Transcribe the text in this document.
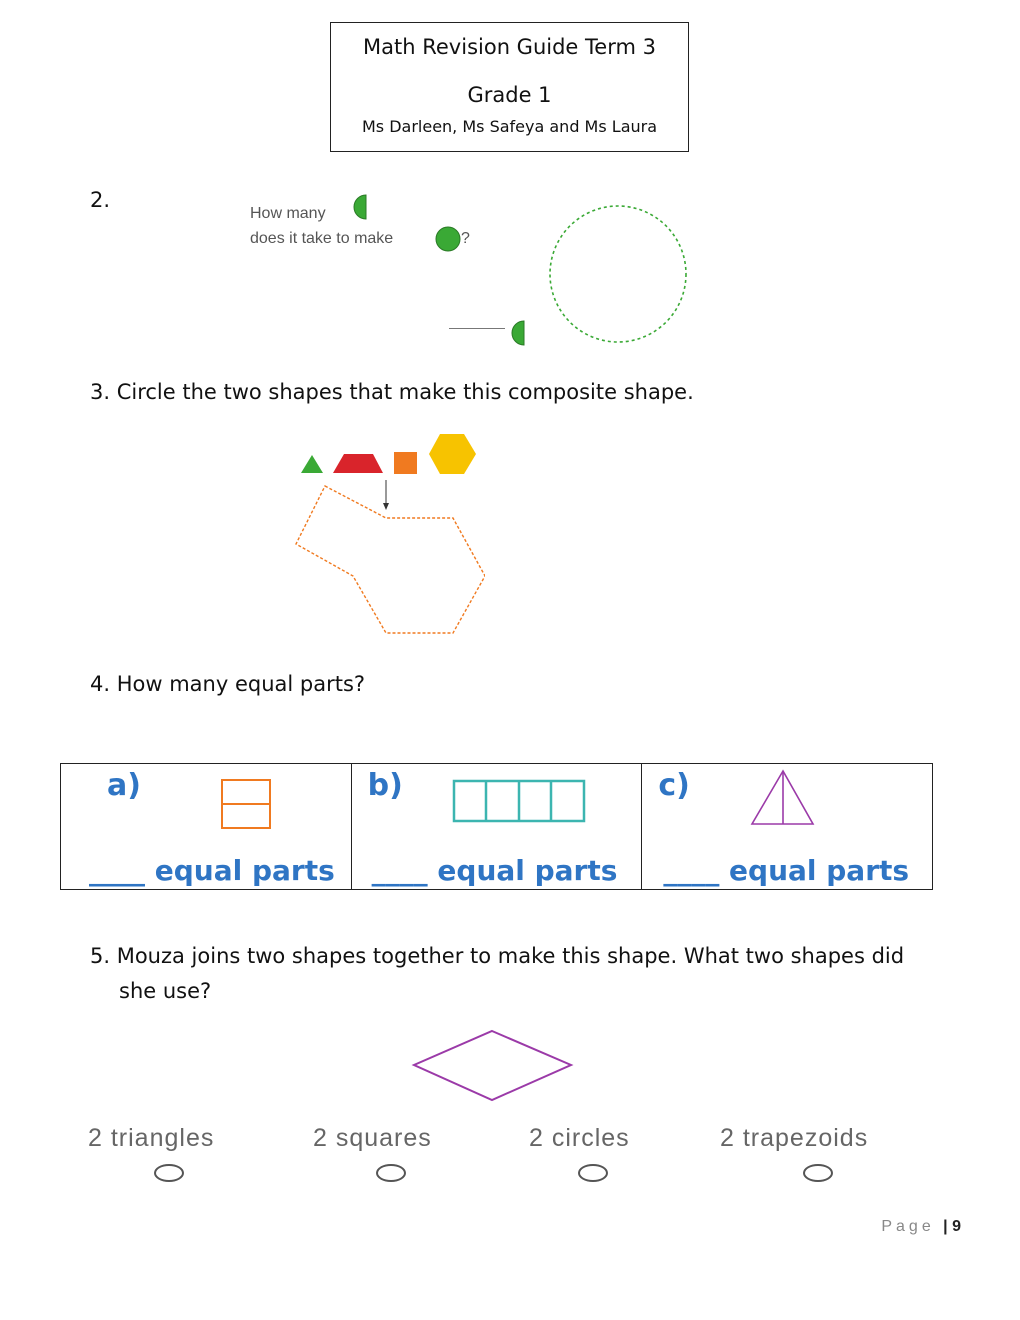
Math Revision Guide Term 3
Grade 1
Ms Darleen, Ms Safeya and Ms Laura
2.
How many
does it take to make	?
3. Circle the two shapes that make this composite shape.
4. How many equal parts?
a)
____ equal parts

b)
____ equal parts

c)
____ equal parts
5. Mouza joins two shapes together to make this shape. What two shapes did
she use?
2 triangles	2 squares	2 circles	2 trapezoids
Page | 9
